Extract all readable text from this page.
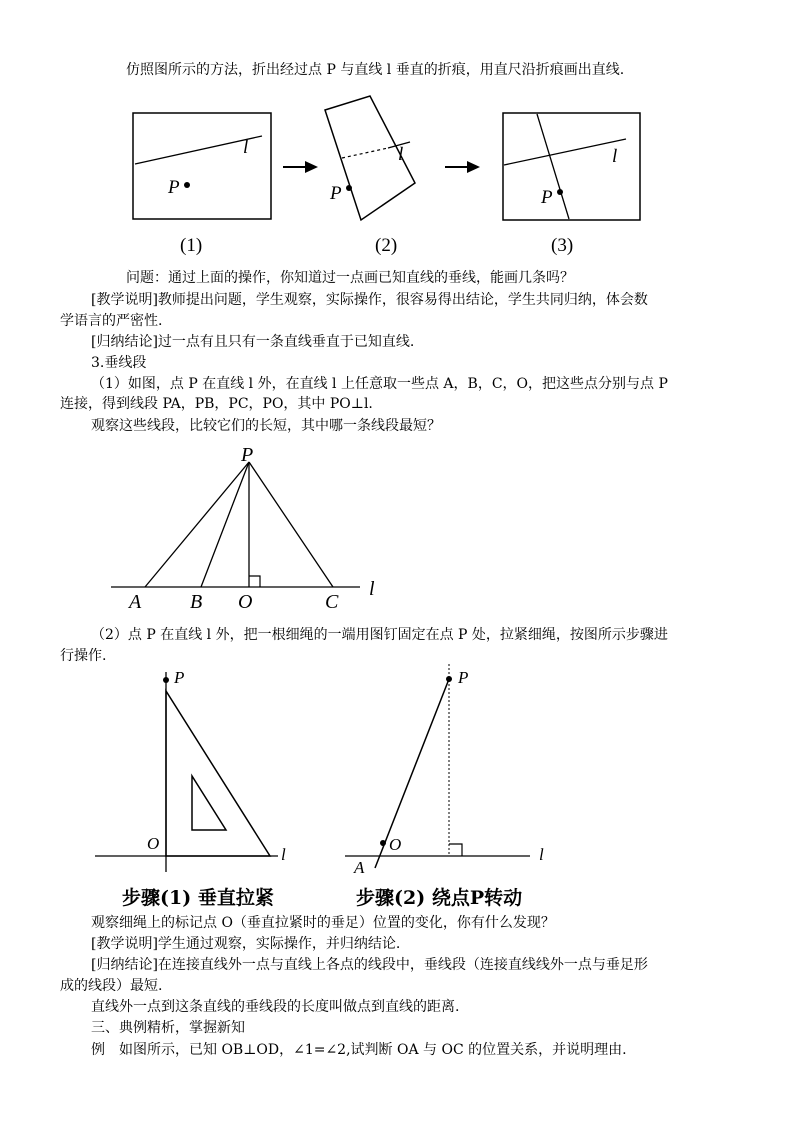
仿照图所示的方法，折出经过点 P 与直线 l 垂直的折痕，用直尺沿折痕画出直线.
l
P
l
P
l
P
(1)	(2)	(3)
问题：通过上面的操作，你知道过一点画已知直线的垂线，能画几条吗？
[教学说明]教师提出问题，学生观察，实际操作，很容易得出结论，学生共同归纳，体会数
学语言的严密性.
[归纳结论]过一点有且只有一条直线垂直于已知直线.
3.垂线段
（1）如图，点 P 在直线 l 外，在直线 l 上任意取一些点 A，B，C，O，把这些点分别与点 P
连接，得到线段 PA，PB，PC，PO，其中 PO⊥l.
观察这些线段，比较它们的长短，其中哪一条线段最短？
P
A B O	C
l
（2）点 P 在直线 l 外，把一根细绳的一端用图钉固定在点 P 处，拉紧细绳，按图所示步骤进
行操作.
P
O
l
步骤(1) 垂直拉紧
P
O
A
l
步骤(2) 绕点P转动
观察细绳上的标记点 O（垂直拉紧时的垂足）位置的变化，你有什么发现？
[教学说明]学生通过观察，实际操作，并归纳结论.
[归纳结论]在连接直线外一点与直线上各点的线段中，垂线段（连接直线线外一点与垂足形
成的线段）最短.
直线外一点到这条直线的垂线段的长度叫做点到直线的距离.
三、典例精析，掌握新知
例　如图所示，已知 OB⊥OD，∠1=∠2,试判断 OA 与 OC 的位置关系，并说明理由.
